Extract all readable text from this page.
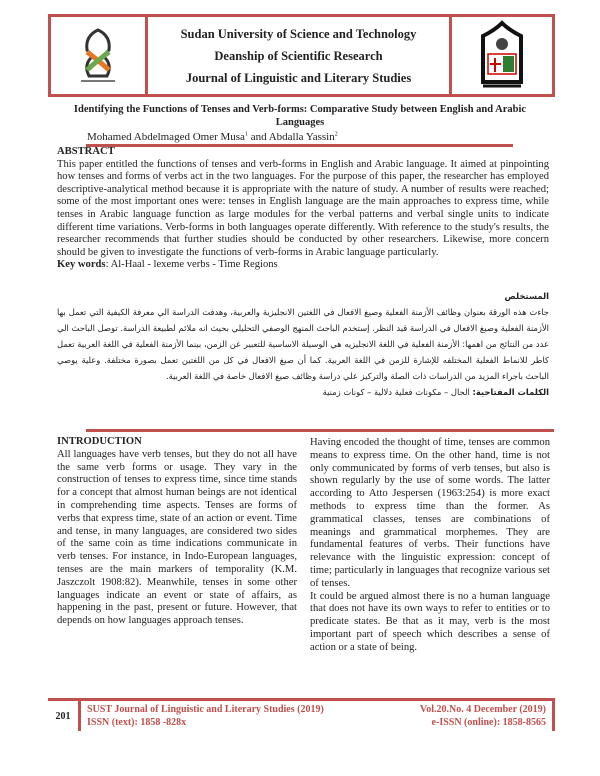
Sudan University of Science and Technology
Deanship of Scientific Research
Journal of Linguistic and Literary Studies
Identifying the Functions of Tenses and Verb-forms: Comparative Study between English and Arabic Languages
Mohamed Abdelmaged Omer Musa$^1$ and Abdalla Yassin$^2$
ABSTRACT

This paper entitled the functions of tenses and verb-forms in English and Arabic language. It aimed at pinpointing how tenses and forms of verbs act in the two languages. For the purpose of this paper, the researcher has employed descriptive-analytical method because it is appropriate with the nature of study. A number of results were reached; some of the most important ones were: tenses in English language are the main approaches to express time, while tenses in Arabic language function as large modules for the verbal patterns and verbal single units to indicate different time variations. Verb-forms in both languages operate differently. With reference to the study's results, the researcher recommends that further studies should be conducted by other researchers. Likewise, more concern should be given to investigate the functions of verb-forms in Arabic language particularly.

Key words: Al-Haal - lexeme verbs - Time Regions

المستخلص

جاءت هذه الورقة بعنوان وظائف الأزمنة الفعلية وصيغ الافعال في اللغتين الانجليزية والعربية، وهدفت الدراسة الي معرفة الكيفية التي تعمل بها الأزمنة الفعلية وصيغ الافعال في الدراسة قيد النظر. إستخدم الباحث المنهج الوصفي التحليلي بحيث انه ملائم لطبيعة الدراسة. توصل الباحث الي عدد من النتائج من اهمها: الأزمنة الفعلية في اللغة الانجليزيه هي الوسيلة الاساسية للتعبير عن الزمن، بينما الأزمنة الفعلية في اللغة العربية تعمل كاطر للانماط الفعلية المختلفه للإشارة للزمن في اللغة العربية. كما أن صيغ الافعال في كل من اللغتين تعمل بصورة مختلفة. وعلية يوصي الباحث باجراء المزيد من الدراسات ذات الصلة والتركيز علي دراسة وظائف صيغ الافعال خاصة في اللغة العربية.

الكلمات المفتاحية: الحال – مكونات فعلية دلالية – كونات زمنية

INTRODUCTION

All languages have verb tenses, but they do not all have the same verb forms or usage. They vary in the construction of tenses to express time, since time stands for a concept that almost human beings are not identical in comprehending time aspects. Tenses are forms of verbs that express time, state of an action or event. Time and tense, in many languages, are considered two sides of the same coin as time indications communicate in verb tenses. For instance, in Indo-European languages, tenses are the main markers of temporality (K.M. Jaszczolt 1908:82). Meanwhile, tenses in some other languages indicate an event or state of affairs, as happening in the past, present or future. However, that depends on how languages approach tenses.

Having encoded the thought of time, tenses are common means to express time. On the other hand, time is not only communicated by forms of verb tenses, but also is shown regularly by the use of some words. The latter according to Atto Jespersen (1963:254) is more exact methods to express time than the former. As grammatical classes, tenses are combinations of meanings and grammatical morphemes. They are fundamental features of verbs. Their functions have relevance with the linguistic expression: concept of time; particularly in languages that recognize various set of tenses.

It could be argued almost there is no a human language that does not have its own ways to refer to entities or to predicate states. Be that as it may, verb is the most important part of speech which describes a sense of action or a state of being.

201
SUST Journal of Linguistic and Literary Studies (2019)
ISSN (text): 1858 -828x
Vol.20.No. 4 December (2019)
e-ISSN (online): 1858-8565
